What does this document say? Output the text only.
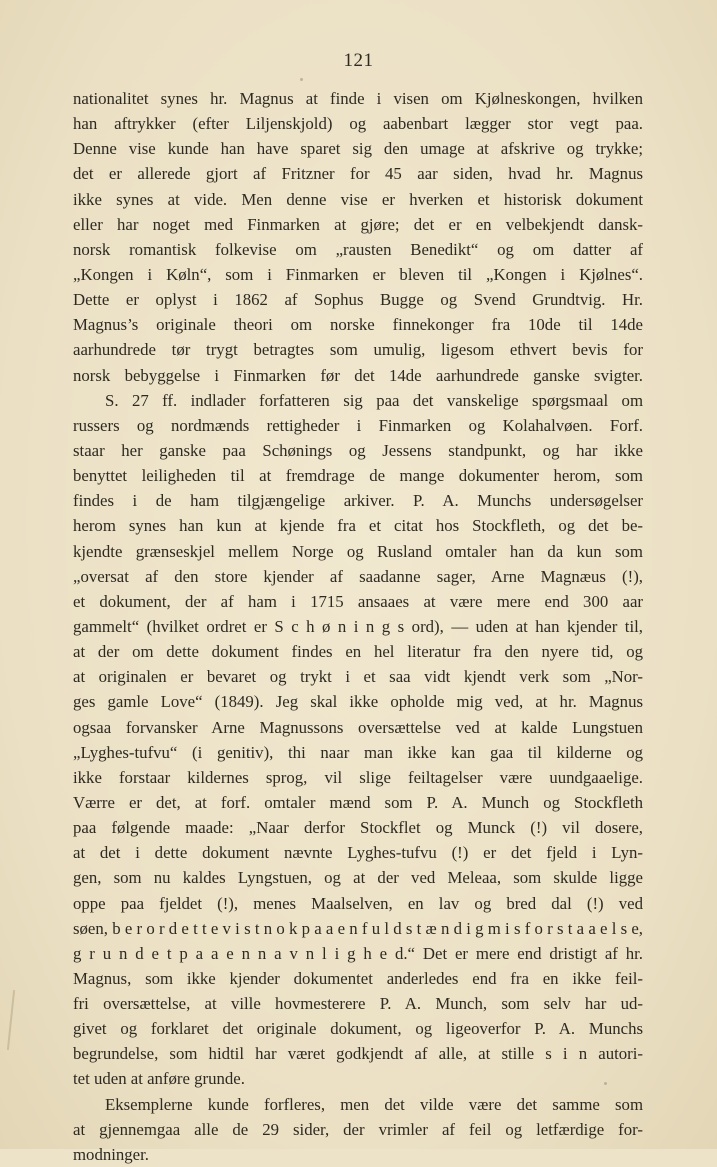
121
nationalitet synes hr. Magnus at finde i visen om Kjølneskongen, hvilken
han aftrykker (efter Liljenskjold) og aabenbart lægger stor vegt paa.
Denne vise kunde han have sparet sig den umage at afskrive og trykke;
det er allerede gjort af Fritzner for 45 aar siden, hvad hr. Magnus
ikke synes at vide. Men denne vise er hverken et historisk dokument
eller har noget med Finmarken at gjøre; det er en velbekjendt dansk-
norsk romantisk folkevise om „rausten Benedikt“ og om datter af
„Kongen i Køln“, som i Finmarken er bleven til „Kongen i Kjølnes“.
Dette er oplyst i 1862 af Sophus Bugge og Svend Grundtvig. Hr.
Magnus’s originale theori om norske finnekonger fra 10de til 14de
aarhundrede tør trygt betragtes som umulig, ligesom ethvert bevis for
norsk bebyggelse i Finmarken før det 14de aarhundrede ganske svigter.
S. 27 ff. indlader forfatteren sig paa det vanskelige spørgsmaal om
russers og nordmænds rettigheder i Finmarken og Kolahalvøen. Forf.
staar her ganske paa Schønings og Jessens standpunkt, og har ikke
benyttet leiligheden til at fremdrage de mange dokumenter herom, som
findes i de ham tilgjængelige arkiver. P. A. Munchs undersøgelser
herom synes han kun at kjende fra et citat hos Stockfleth, og det be-
kjendte grænseskjel mellem Norge og Rusland omtaler han da kun som
„oversat af den store kjender af saadanne sager, Arne Magnæus (!),
et dokument, der af ham i 1715 ansaaes at være mere end 300 aar
gammelt“ (hvilket ordret er S c h ø n i n g s ord), — uden at han kjender til,
at der om dette dokument findes en hel literatur fra den nyere tid, og
at originalen er bevaret og trykt i et saa vidt kjendt verk som „Nor-
ges gamle Love“ (1849). Jeg skal ikke opholde mig ved, at hr. Magnus
ogsaa forvansker Arne Magnussons oversættelse ved at kalde Lungstuen
„Lyghes-tufvu“ (i genitiv), thi naar man ikke kan gaa til kilderne og
ikke forstaar kildernes sprog, vil slige feiltagelser være uundgaaelige.
Værre er det, at forf. omtaler mænd som P. A. Munch og Stockfleth
paa følgende maade: „Naar derfor Stockflet og Munck (!) vil dosere,
at det i dette dokument nævnte Lyghes-tufvu (!) er det fjeld i Lyn-
gen, som nu kaldes Lyngstuen, og at der ved Meleaa, som skulde ligge
oppe paa fjeldet (!), menes Maalselven, en lav og bred dal (!) ved
søen, b e r o r d e t t e v i s t n o k p a a e n f u l d s t æ n d i g m i s f o r s t a a e l s e,
g r u n d e t p a a e n n a v n l i g h e d.“ Det er mere end dristigt af hr.
Magnus, som ikke kjender dokumentet anderledes end fra en ikke feil-
fri oversættelse, at ville hovmesterere P. A. Munch, som selv har ud-
givet og forklaret det originale dokument, og ligeoverfor P. A. Munchs
begrundelse, som hidtil har været godkjendt af alle, at stille s i n autori-
tet uden at anføre grunde.
Eksemplerne kunde forfleres, men det vilde være det samme som
at gjennemgaa alle de 29 sider, der vrimler af feil og letfærdige for-
modninger.
